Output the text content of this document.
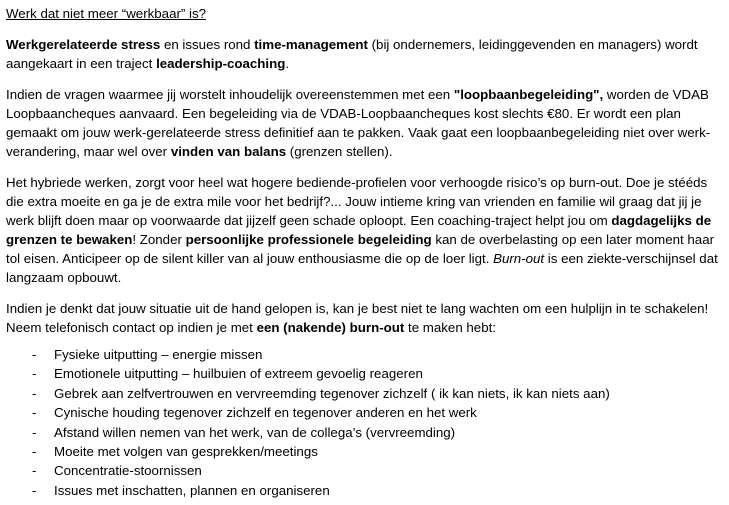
Werk dat niet meer “werkbaar” is?

Werkgerelateerde stress en issues rond time-management (bij ondernemers, leidinggevenden en managers) wordt aangekaart in een traject leadership-coaching.

Indien de vragen waarmee jij worstelt inhoudelijk overeenstemmen met een "loopbaanbegeleiding", worden de VDAB Loopbaancheques aanvaard. Een begeleiding via de VDAB-Loopbaancheques kost slechts €80. Er wordt een plan gemaakt om jouw werk-gerelateerde stress definitief aan te pakken. Vaak gaat een loopbaanbegeleiding niet over werk-verandering, maar wel over vinden van balans (grenzen stellen).

Het hybriede werken, zorgt voor heel wat hogere bediende-profielen voor verhoogde risico’s op burn-out. Doe je stééds die extra moeite en ga je de extra mile voor het bedrijf?... Jouw intieme kring van vrienden en familie wil graag dat jij je werk blijft doen maar op voorwaarde dat jijzelf geen schade oploopt. Een coaching-traject helpt jou om dagdagelijks de grenzen te bewaken! Zonder persoonlijke professionele begeleiding kan de overbelasting op een later moment haar tol eisen. Anticipeer op de silent killer van al jouw enthousiasme die op de loer ligt. Burn-out is een ziekte-verschijnsel dat langzaam opbouwt.

Indien je denkt dat jouw situatie uit de hand gelopen is, kan je best niet te lang wachten om een hulplijn in te schakelen! Neem telefonisch contact op indien je met een (nakende) burn-out te maken hebt:

- Fysieke uitputting – energie missen
- Emotionele uitputting – huilbuien of extreem gevoelig reageren
- Gebrek aan zelfvertrouwen en vervreemding tegenover zichzelf ( ik kan niets, ik kan niets aan)
- Cynische houding tegenover zichzelf en tegenover anderen en het werk
- Afstand willen nemen van het werk, van de collega’s (vervreemding)
- Moeite met volgen van gesprekken/meetings
- Concentratie-stoornissen
- Issues met inschatten, plannen en organiseren
